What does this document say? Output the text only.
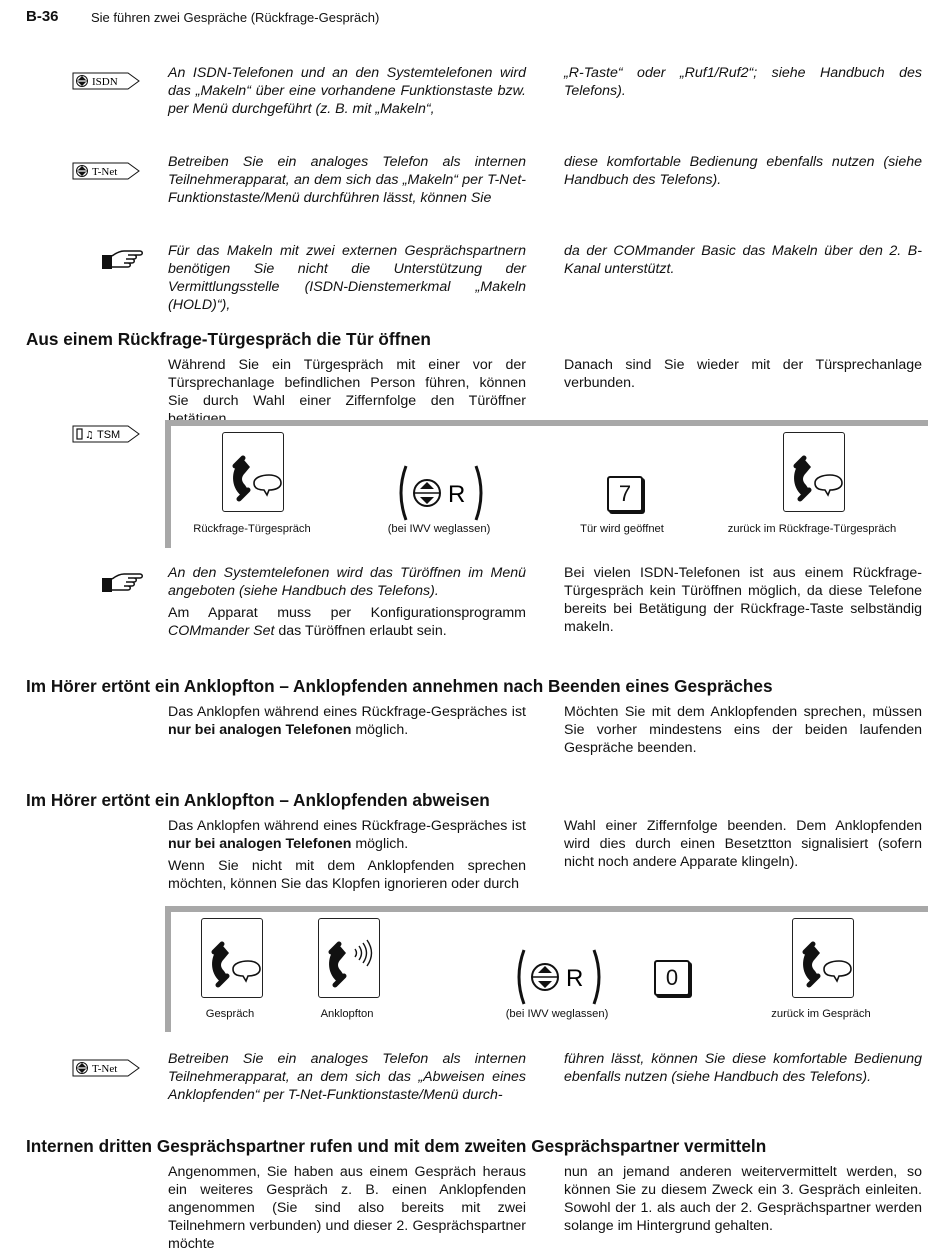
B-36 Sie führen zwei Gespräche (Rückfrage-Gespräch)
ISDN
An ISDN-Telefonen und an den Systemtelefonen wird das „Makeln“ über eine vorhandene Funktionstaste bzw. per Menü durchgeführt (z. B. mit „Makeln“,
„R-Taste“ oder „Ruf1/Ruf2“; siehe Handbuch des Telefons).
T-Net
Betreiben Sie ein analoges Telefon als internen Teilnehmerapparat, an dem sich das „Makeln“ per T-Net-Funktionstaste/Menü durchführen lässt, können Sie
diese komfortable Bedienung ebenfalls nutzen (siehe Handbuch des Telefons).
Für das Makeln mit zwei externen Gesprächspartnern benötigen Sie nicht die Unterstützung der Vermittlungsstelle (ISDN-Dienstemerkmal „Makeln (HOLD)“),
da der COMmander Basic das Makeln über den 2. B-Kanal unterstützt.
Aus einem Rückfrage-Türgespräch die Tür öffnen
Während Sie ein Türgespräch mit einer vor der Türsprechanlage befindlichen Person führen, können Sie durch Wahl einer Ziffernfolge den Türöffner betätigen.
Danach sind Sie wieder mit der Türsprechanlage verbunden.
♫ TSM
R	7
Rückfrage-Türgespräch	(bei IWV weglassen)	Tür wird geöffnet	zurück im Rückfrage-Türgespräch

An den Systemtelefonen wird das Türöffnen im Menü angeboten (siehe Handbuch des Telefons).

Am Apparat muss per Konfigurationsprogramm COMmander Set das Türöffnen erlaubt sein.

Bei vielen ISDN-Telefonen ist aus einem Rückfrage-Türgespräch kein Türöffnen möglich, da diese Telefone bereits bei Betätigung der Rückfrage-Taste selbständig makeln.
Im Hörer ertönt ein Anklopfton – Anklopfenden annehmen nach Beenden eines Gespräches
Das Anklopfen während eines Rückfrage-Gespräches ist nur bei analogen Telefonen möglich.
Möchten Sie mit dem Anklopfenden sprechen, müssen Sie vorher mindestens eins der beiden laufenden Gespräche beenden.
Im Hörer ertönt ein Anklopfton – Anklopfenden abweisen

Das Anklopfen während eines Rückfrage-Gespräches ist nur bei analogen Telefonen möglich.

Wenn Sie nicht mit dem Anklopfenden sprechen möchten, können Sie das Klopfen ignorieren oder durch

Wahl einer Ziffernfolge beenden. Dem Anklopfenden wird dies durch einen Besetztton signalisiert (sofern nicht noch andere Apparate klingeln).
R	0
Gespräch	Anklopfton	(bei IWV weglassen)	zurück im Gespräch
T-Net
Betreiben Sie ein analoges Telefon als internen Teilnehmerapparat, an dem sich das „Abweisen eines Anklopfenden“ per T-Net-Funktionstaste/Menü durch-
führen lässt, können Sie diese komfortable Bedienung ebenfalls nutzen (siehe Handbuch des Telefons).
Internen dritten Gesprächspartner rufen und mit dem zweiten Gesprächspartner vermitteln
Angenommen, Sie haben aus einem Gespräch heraus ein weiteres Gespräch z. B. einen Anklopfenden angenommen (Sie sind also bereits mit zwei Teilnehmern verbunden) und dieser 2. Gesprächspartner möchte
nun an jemand anderen weitervermittelt werden, so können Sie zu diesem Zweck ein 3. Gespräch einleiten. Sowohl der 1. als auch der 2. Gesprächspartner werden solange im Hintergrund gehalten.
